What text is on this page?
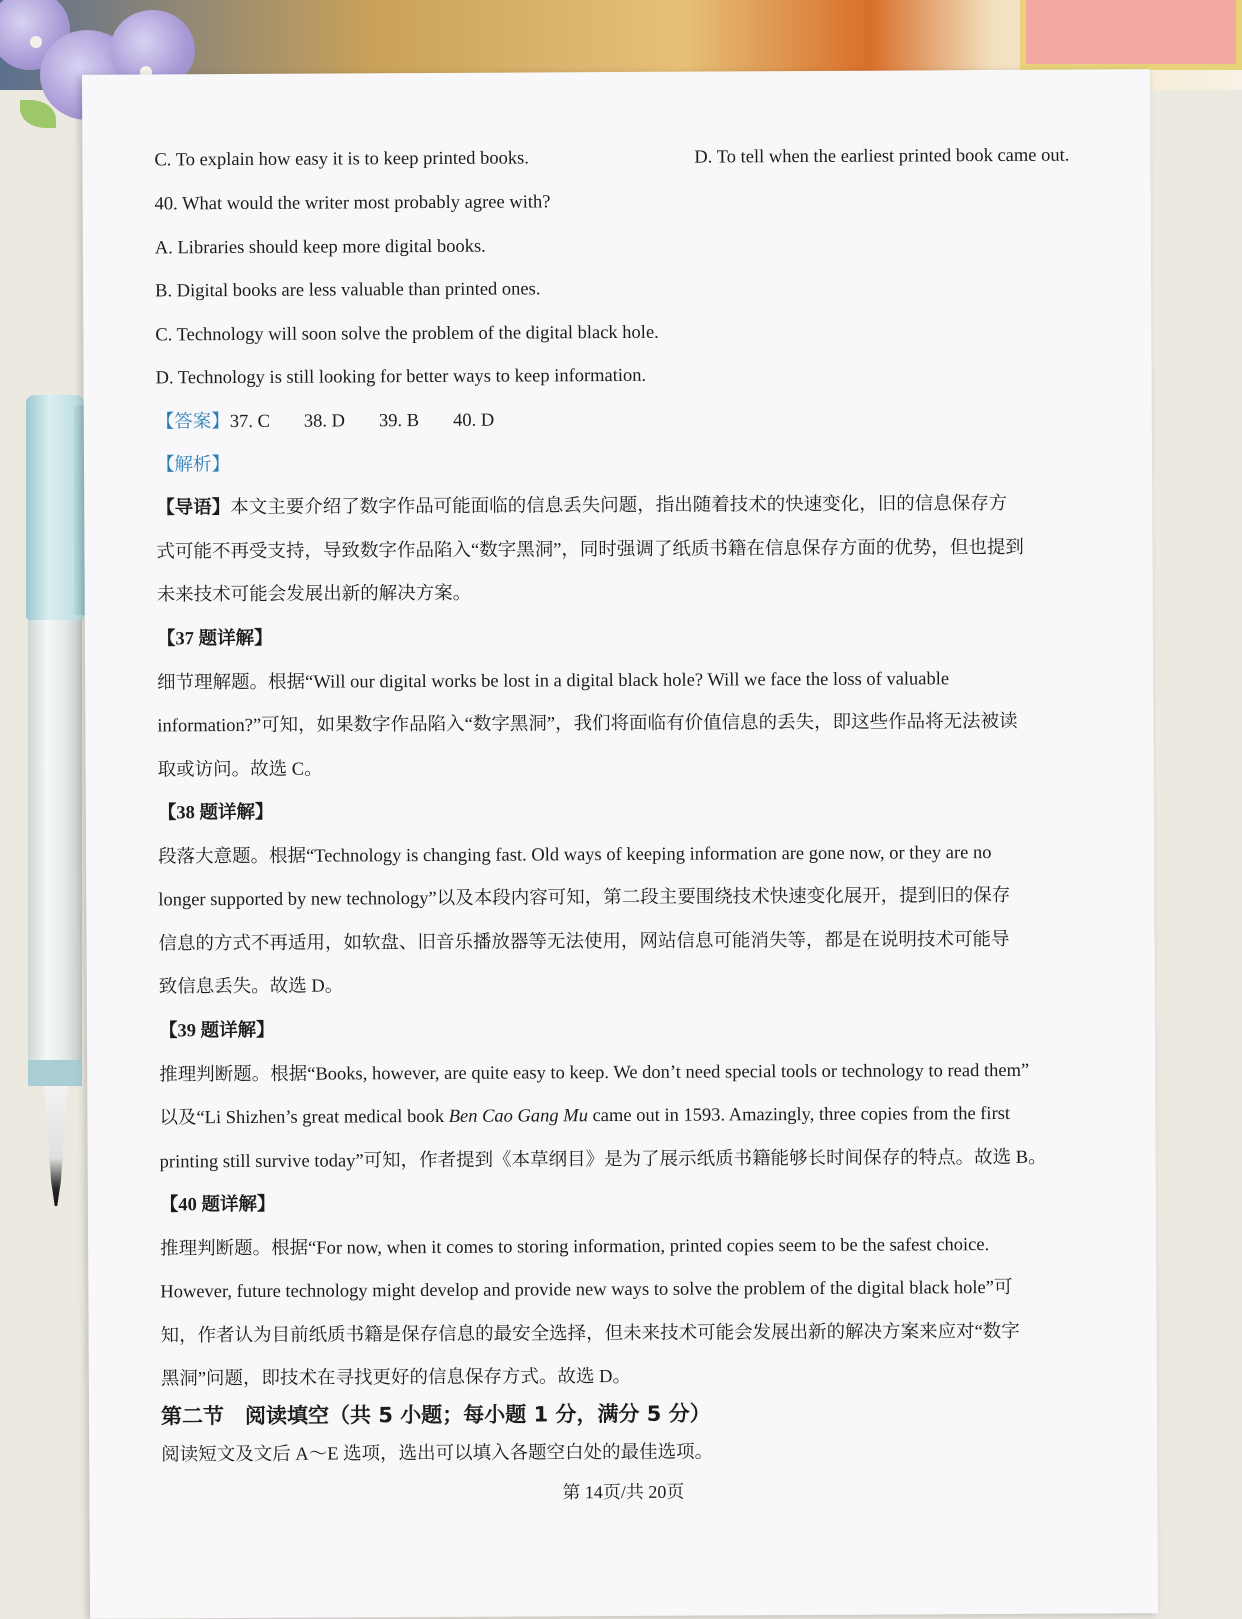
C. To explain how easy it is to keep printed books.	D. To tell when the earliest printed book came out.
40. What would the writer most probably agree with?
A. Libraries should keep more digital books.
B. Digital books are less valuable than printed ones.
C. Technology will soon solve the problem of the digital black hole.
D. Technology is still looking for better ways to keep information.
【答案】37. C 38. D 39. B 40. D
【解析】
【导语】本文主要介绍了数字作品可能面临的信息丢失问题，指出随着技术的快速变化，旧的信息保存方
式可能不再受支持，导致数字作品陷入“数字黑洞”，同时强调了纸质书籍在信息保存方面的优势，但也提到
未来技术可能会发展出新的解决方案。
【37 题详解】
细节理解题。根据“Will our digital works be lost in a digital black hole? Will we face the loss of valuable
information?”可知，如果数字作品陷入“数字黑洞”，我们将面临有价值信息的丢失，即这些作品将无法被读
取或访问。故选 C。
【38 题详解】
段落大意题。根据“Technology is changing fast. Old ways of keeping information are gone now, or they are no
longer supported by new technology”以及本段内容可知，第二段主要围绕技术快速变化展开，提到旧的保存
信息的方式不再适用，如软盘、旧音乐播放器等无法使用，网站信息可能消失等，都是在说明技术可能导
致信息丢失。故选 D。
【39 题详解】
推理判断题。根据“Books, however, are quite easy to keep. We don’t need special tools or technology to read them”
以及“Li Shizhen’s great medical book Ben Cao Gang Mu came out in 1593. Amazingly, three copies from the first
printing still survive today”可知，作者提到《本草纲目》是为了展示纸质书籍能够长时间保存的特点。故选 B。
【40 题详解】
推理判断题。根据“For now, when it comes to storing information, printed copies seem to be the safest choice.
However, future technology might develop and provide new ways to solve the problem of the digital black hole”可
知，作者认为目前纸质书籍是保存信息的最安全选择，但未来技术可能会发展出新的解决方案来应对“数字
黑洞”问题，即技术在寻找更好的信息保存方式。故选 D。
第二节　阅读填空（共 5 小题；每小题 1 分，满分 5 分）
阅读短文及文后 A～E 选项，选出可以填入各题空白处的最佳选项。
第 14页/共 20页
